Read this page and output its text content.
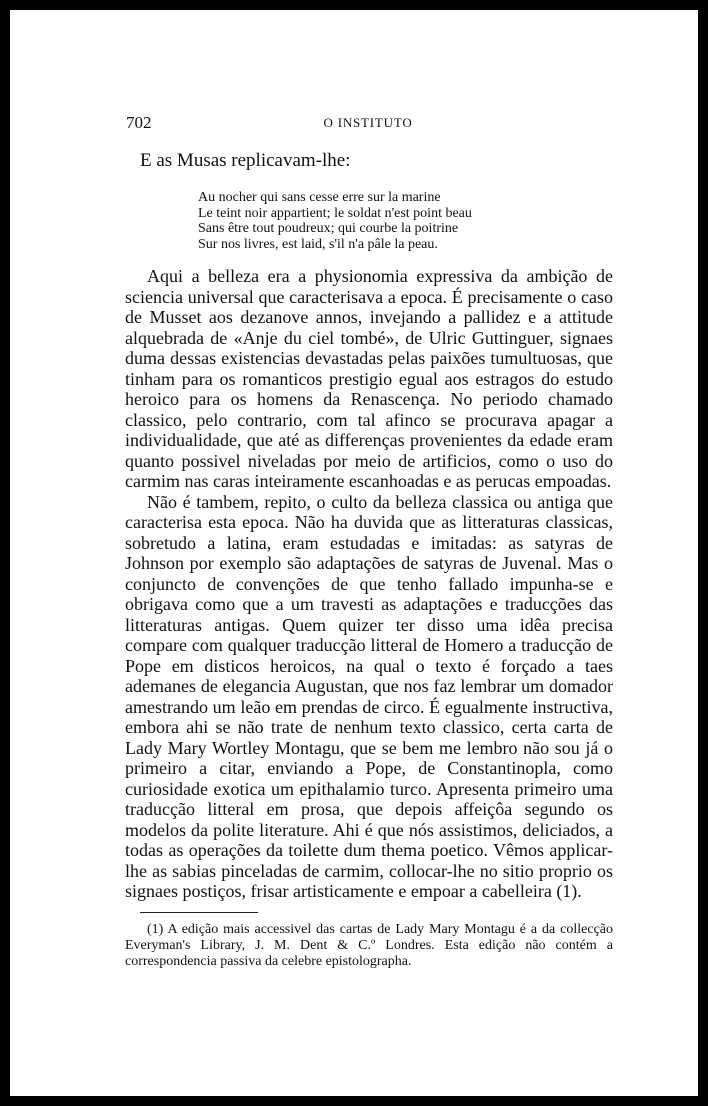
702	O INSTITUTO
E as Musas replicavam-lhe:
Au nocher qui sans cesse erre sur la marine
Le teint noir appartient; le soldat n'est point beau
Sans être tout poudreux; qui courbe la poitrine
Sur nos livres, est laid, s'il n'a pâle la peau.

Aqui a belleza era a physionomia expressiva da ambição de sciencia universal que caracterisava a epoca. É precisamente o caso de Musset aos dezanove annos, invejando a pallidez e a attitude alquebrada de «Anje du ciel tombé», de Ulric Guttinguer, signaes duma dessas existencias devastadas pelas paixões tumultuosas, que tinham para os romanticos prestigio egual aos estragos do estudo heroico para os homens da Renascença. No periodo chamado classico, pelo contrario, com tal afinco se procurava apagar a individualidade, que até as differenças provenientes da edade eram quanto possivel niveladas por meio de artificios, como o uso do carmim nas caras inteiramente escanhoadas e as perucas empoadas.

Não é tambem, repito, o culto da belleza classica ou antiga que caracterisa esta epoca. Não ha duvida que as litteraturas classicas, sobretudo a latina, eram estudadas e imitadas: as satyras de Johnson por exemplo são adaptações de satyras de Juvenal. Mas o conjuncto de convenções de que tenho fallado impunha-se e obrigava como que a um travesti as adaptações e traducções das litteraturas antigas. Quem quizer ter disso uma idêa precisa compare com qualquer traducção litteral de Homero a traducção de Pope em disticos heroicos, na qual o texto é forçado a taes ademanes de elegancia Augustan, que nos faz lembrar um domador amestrando um leão em prendas de circo. É egualmente instructiva, embora ahi se não trate de nenhum texto classico, certa carta de Lady Mary Wortley Montagu, que se bem me lembro não sou já o primeiro a citar, enviando a Pope, de Constantinopla, como curiosidade exotica um epithalamio turco. Apresenta primeiro uma traducção litteral em prosa, que depois affeiçôa segundo os modelos da polite literature. Ahi é que nós assistimos, deliciados, a todas as operações da toilette dum thema poetico. Vêmos applicar-lhe as sabias pinceladas de carmim, collocar-lhe no sitio proprio os signaes postiços, frisar artisticamente e empoar a cabelleira (1).

(1) A edição mais accessivel das cartas de Lady Mary Montagu é a da collecção Everyman's Library, J. M. Dent & C.º Londres. Esta edição não contém a correspondencia passiva da celebre epistolographa.
